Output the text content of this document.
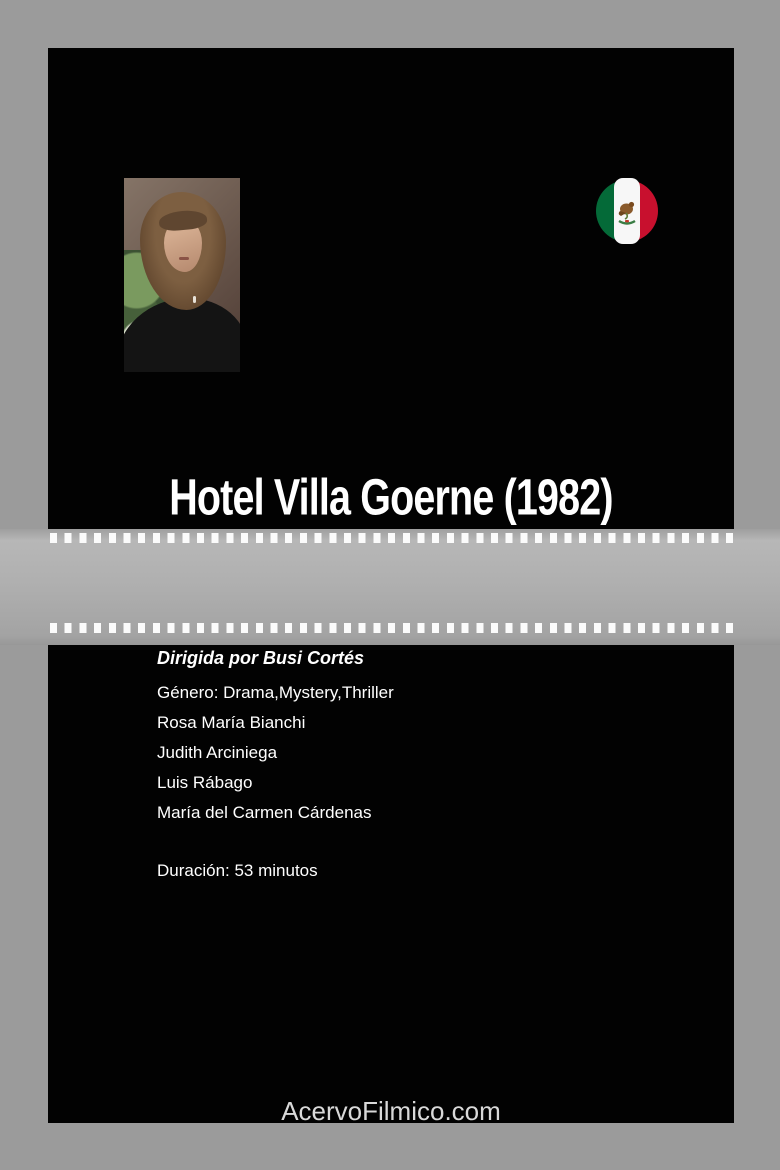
Hotel Villa Goerne (1982)
Dirigida por Busi Cortés
Género: Drama,Mystery,Thriller
Rosa María Bianchi
Judith Arciniega
Luis Rábago
María del Carmen Cárdenas
Duración: 53 minutos
AcervoFilmico.com
